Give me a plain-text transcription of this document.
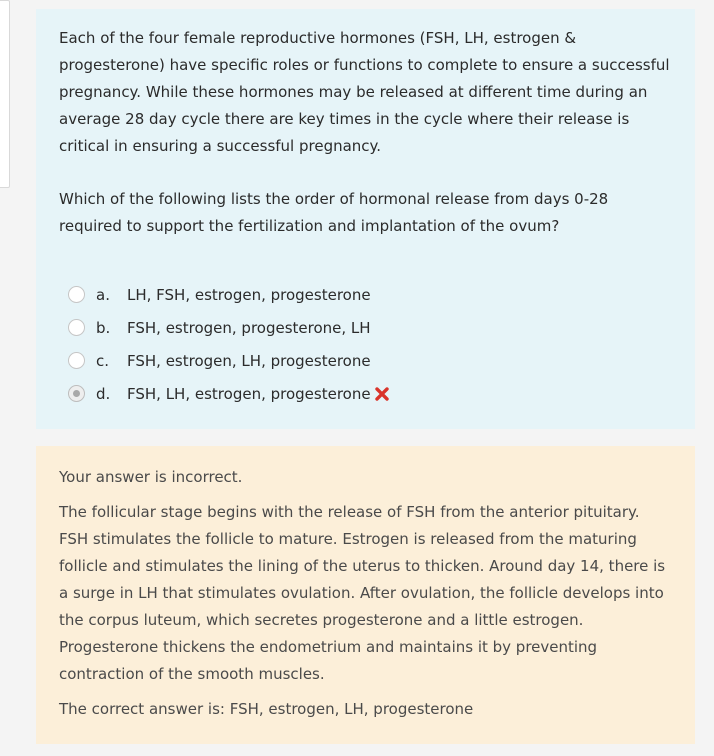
Each of the four female reproductive hormones (FSH, LH, estrogen & progesterone) have specific roles or functions to complete to ensure a successful pregnancy. While these hormones may be released at different time during an average 28 day cycle there are key times in the cycle where their release is critical in ensuring a successful pregnancy.

Which of the following lists the order of hormonal release from days 0-28 required to support the fertilization and implantation of the ovum?

a.	LH, FSH, estrogen, progesterone
b.	FSH, estrogen, progesterone, LH
c.	FSH, estrogen, LH, progesterone
d.	FSH, LH, estrogen, progesterone

Your answer is incorrect.

The follicular stage begins with the release of FSH from the anterior pituitary. FSH stimulates the follicle to mature. Estrogen is released from the maturing follicle and stimulates the lining of the uterus to thicken. Around day 14, there is a surge in LH that stimulates ovulation. After ovulation, the follicle develops into the corpus luteum, which secretes progesterone and a little estrogen. Progesterone thickens the endometrium and maintains it by preventing contraction of the smooth muscles.

The correct answer is: FSH, estrogen, LH, progesterone
